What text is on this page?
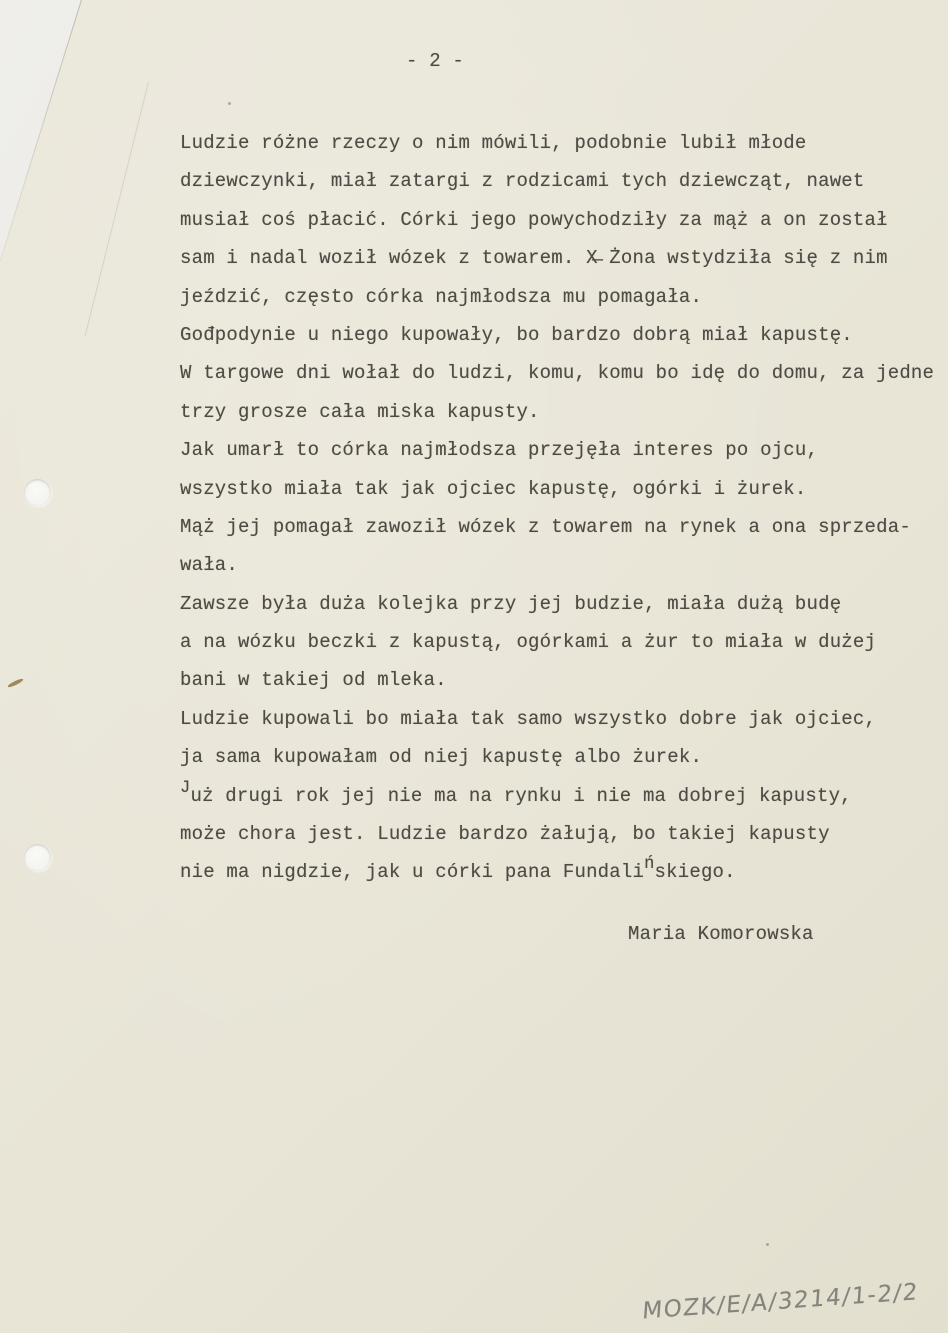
- 2 -
Ludzie różne rzeczy o nim mówili, podobnie lubił młode
dziewczynki, miał zatargi z rodzicami tych dziewcząt, nawet
musiał coś płacić. Córki jego powychodziły za mąż a on został
sam i nadal woził wózek z towarem. X̶ Żona wstydziła się z nim
jeździć, często córka najmłodsza mu pomagała.
Gođpodynie u niego kupowały, bo bardzo dobrą miał kapustę.
W targowe dni wołał do ludzi, komu, komu bo idę do domu, za jedne
trzy grosze cała miska kapusty.
Jak umarł to córka najmłodsza przejęła interes po ojcu,
wszystko miała tak jak ojciec kapustę, ogórki i żurek.
Mąż jej pomagał zawoził wózek z towarem na rynek a ona sprzeda-
wała.
Zawsze była duża kolejka przy jej budzie, miała dużą budę
a na wózku beczki z kapustą, ogórkami a żur to miała w dużej
bani w takiej od mleka.
Ludzie kupowali bo miała tak samo wszystko dobre jak ojciec,
ja sama kupowałam od niej kapustę albo żurek.
Już drugi rok jej nie ma na rynku i nie ma dobrej kapusty,
może chora jest. Ludzie bardzo żałują, bo takiej kapusty
nie ma nigdzie, jak u córki pana Fundalińskiego.
Maria Komorowska
MOZK/E/A/3214/1-2/2
